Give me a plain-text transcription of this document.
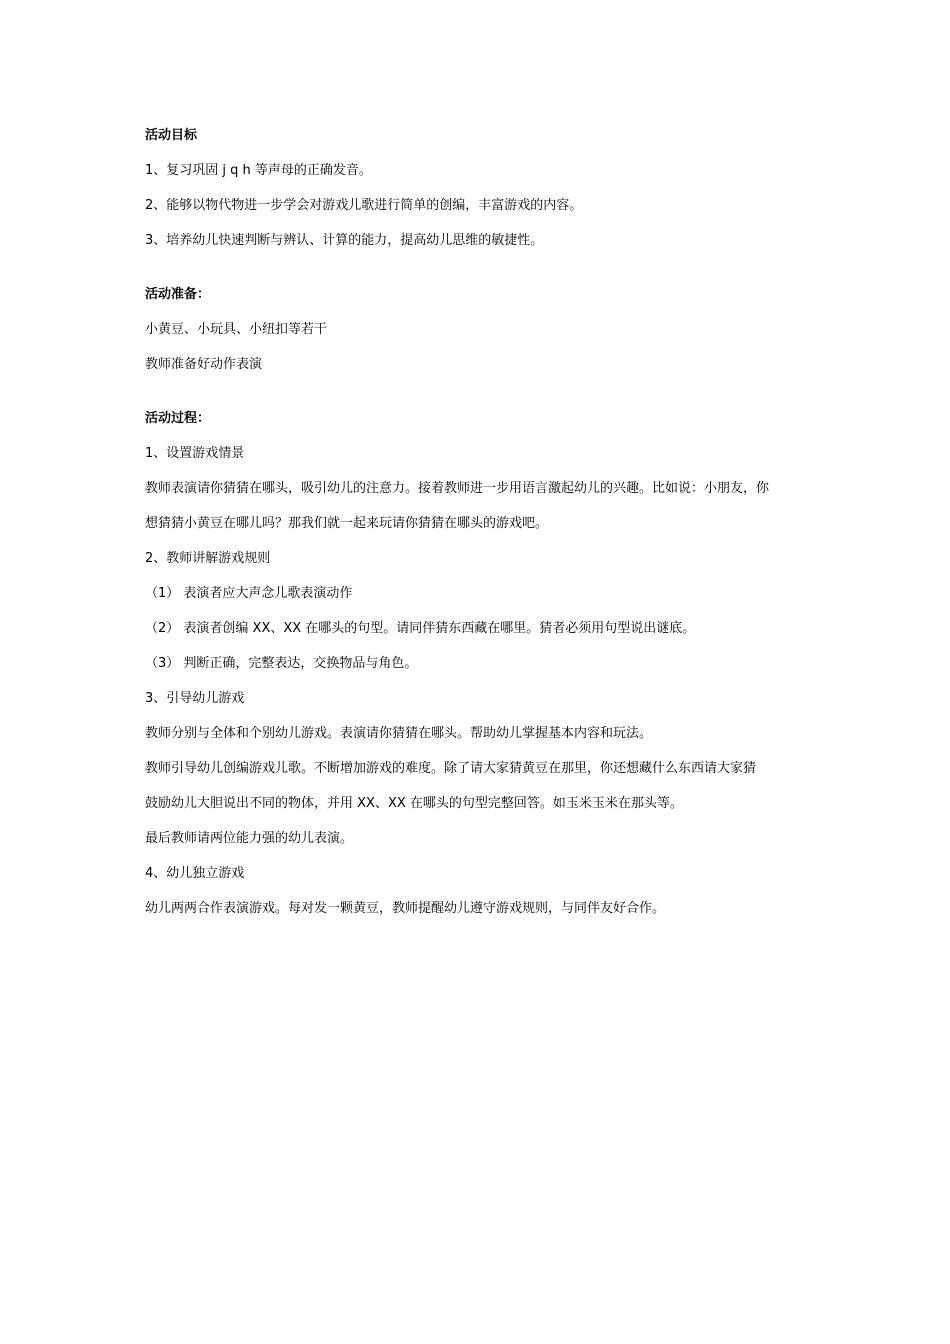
活动目标
1、复习巩固 j q h 等声母的正确发音。
2、能够以物代物进一步学会对游戏儿歌进行简单的创编，丰富游戏的内容。
3、培养幼儿快速判断与辨认、计算的能力，提高幼儿思维的敏捷性。
活动准备：
小黄豆、小玩具、小纽扣等若干
教师准备好动作表演
活动过程：
1、设置游戏情景
教师表演请你猜猜在哪头，吸引幼儿的注意力。接着教师进一步用语言激起幼儿的兴趣。比如说：小朋友，你
想猜猜小黄豆在哪儿吗？那我们就一起来玩请你猜猜在哪头的游戏吧。
2、教师讲解游戏规则
（1） 表演者应大声念儿歌表演动作
（2） 表演者创编 XX、XX 在哪头的句型。请同伴猜东西藏在哪里。猜者必须用句型说出谜底。
（3） 判断正确，完整表达，交换物品与角色。
3、引导幼儿游戏
教师分别与全体和个别幼儿游戏。表演请你猜猜在哪头。帮助幼儿掌握基本内容和玩法。
教师引导幼儿创编游戏儿歌。不断增加游戏的难度。除了请大家猜黄豆在那里，你还想藏什么东西请大家猜
鼓励幼儿大胆说出不同的物体，并用 XX、XX 在哪头的句型完整回答。如玉米玉米在那头等。
最后教师请两位能力强的幼儿表演。
4、幼儿独立游戏
幼儿两两合作表演游戏。每对发一颗黄豆，教师提醒幼儿遵守游戏规则，与同伴友好合作。
